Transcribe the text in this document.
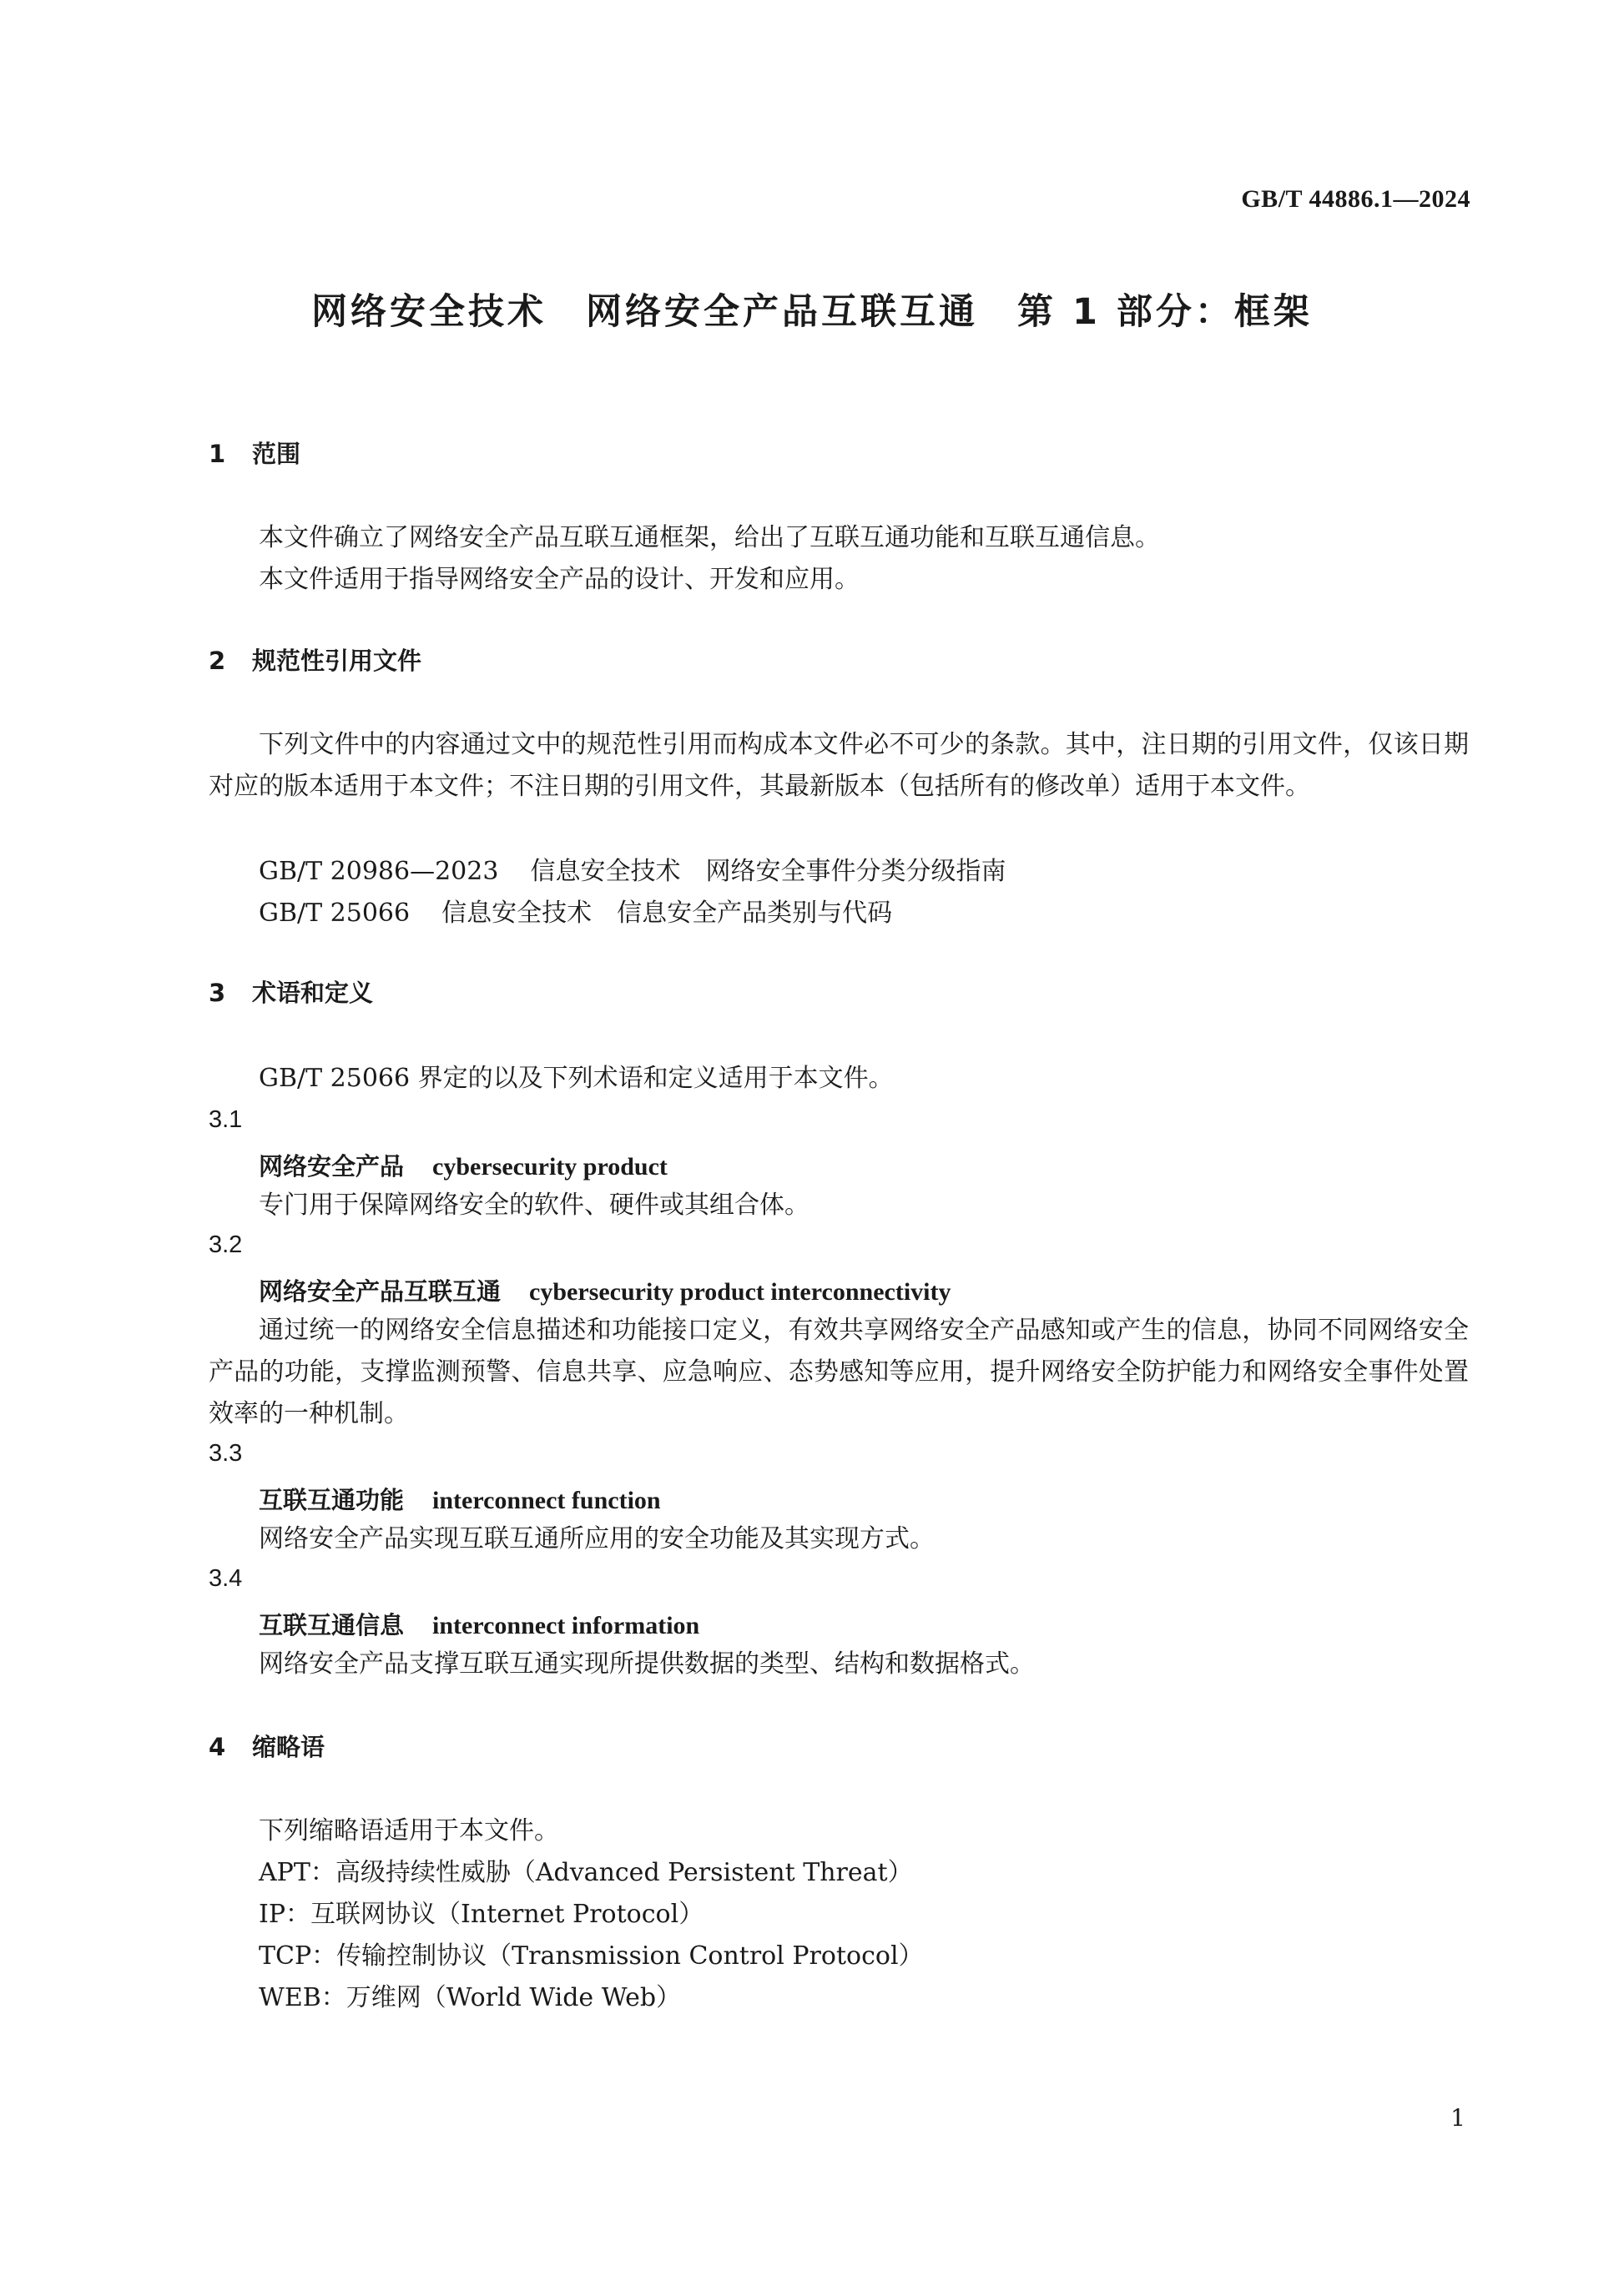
GB/T 44886.1—2024
网络安全技术　网络安全产品互联互通　第 1 部分：框架
1 范围
本文件确立了网络安全产品互联互通框架，给出了互联互通功能和互联互通信息。
本文件适用于指导网络安全产品的设计、开发和应用。
2 规范性引用文件
下列文件中的内容通过文中的规范性引用而构成本文件必不可少的条款。其中，注日期的引用文件，仅该日期对应的版本适用于本文件；不注日期的引用文件，其最新版本（包括所有的修改单）适用于本文件。
GB/T 20986—2023 信息安全技术　网络安全事件分类分级指南
GB/T 25066 信息安全技术　信息安全产品类别与代码
3 术语和定义
GB/T 25066 界定的以及下列术语和定义适用于本文件。
3.1
网络安全产品 cybersecurity product
专门用于保障网络安全的软件、硬件或其组合体。
3.2
网络安全产品互联互通 cybersecurity product interconnectivity
通过统一的网络安全信息描述和功能接口定义，有效共享网络安全产品感知或产生的信息，协同不同网络安全产品的功能，支撑监测预警、信息共享、应急响应、态势感知等应用，提升网络安全防护能力和网络安全事件处置效率的一种机制。
3.3
互联互通功能 interconnect function
网络安全产品实现互联互通所应用的安全功能及其实现方式。
3.4
互联互通信息 interconnect information
网络安全产品支撑互联互通实现所提供数据的类型、结构和数据格式。
4 缩略语
下列缩略语适用于本文件。
APT：高级持续性威胁（Advanced Persistent Threat）
IP：互联网协议（Internet Protocol）
TCP：传输控制协议（Transmission Control Protocol）
WEB：万维网（World Wide Web）
1
